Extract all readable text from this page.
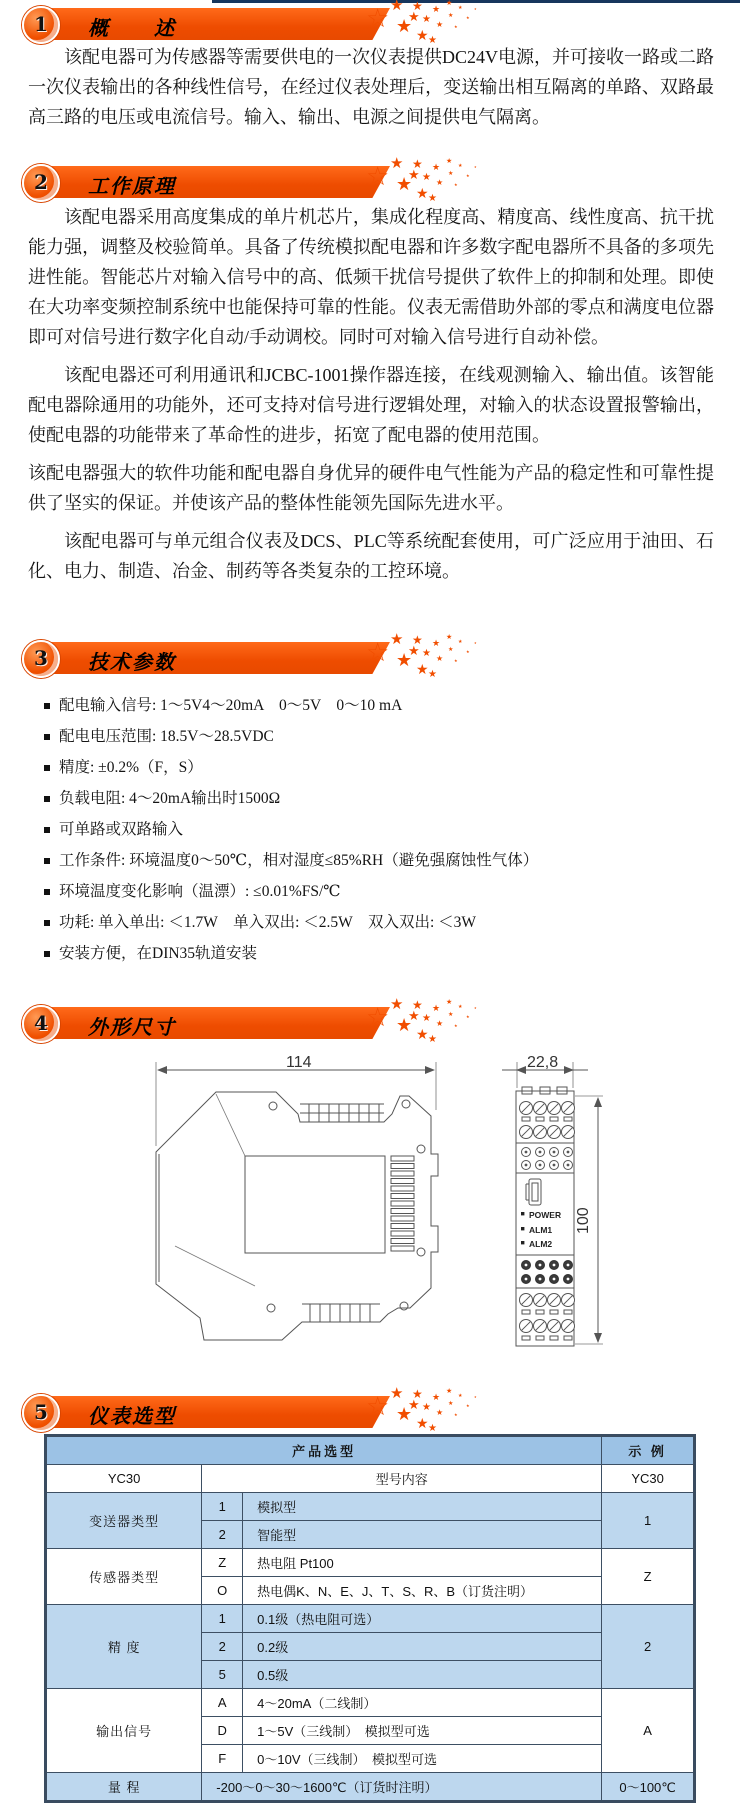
1	概　　述	☆ ★
★
★
★ ★
★
★
★
★
★
★
★
★
★
★

该配电器可为传感器等需要供电的一次仪表提供DC24V电源，并可接收一路或二路一次仪表输出的各种线性信号，在经过仪表处理后，变送输出相互隔离的单路、双路最高三路的电压或电流信号。输入、输出、电源之间提供电气隔离。

2	工作原理	☆ ★
★
★
★ ★
★
★
★
★
★
★
★
★
★
★

该配电器采用高度集成的单片机芯片，集成化程度高、精度高、线性度高、抗干扰能力强，调整及校验简单。具备了传统模拟配电器和许多数字配电器所不具备的多项先进性能。智能芯片对输入信号中的高、低频干扰信号提供了软件上的抑制和处理。即使在大功率变频控制系统中也能保持可靠的性能。仪表无需借助外部的零点和满度电位器即可对信号进行数字化自动/手动调校。同时可对输入信号进行自动补偿。

该配电器还可利用通讯和JCBC-1001操作器连接，在线观测输入、输出值。该智能配电器除通用的功能外，还可支持对信号进行逻辑处理，对输入的状态设置报警输出，使配电器的功能带来了革命性的进步，拓宽了配电器的使用范围。

该配电器强大的软件功能和配电器自身优异的硬件电气性能为产品的稳定性和可靠性提供了坚实的保证。并使该产品的整体性能领先国际先进水平。

该配电器可与单元组合仪表及DCS、PLC等系统配套使用，可广泛应用于油田、石化、电力、制造、冶金、制药等各类复杂的工控环境。

3	技术参数	☆ ★
★
★
★ ★
★
★
★
★
★
★
★
★
★
★
配电输入信号: 1～5V4～20mA　0～5V　0～10 mA
配电电压范围: 18.5V～28.5VDC
精度: ±0.2%（F，S）
负载电阻: 4～20mA输出时1500Ω
可单路或双路输入
工作条件: 环境温度0～50℃，相对湿度≤85%RH（避免强腐蚀性气体）
环境温度变化影响（温漂）: ≤0.01%FS/℃
功耗: 单入单出: ＜1.7W　单入双出: ＜2.5W　双入双出: ＜3W
安装方便，在DIN35轨道安装
4	外形尺寸	☆ ★
★
★
★ ★
★
★
★
★
★
★
★
★
★
★
114	22,8
100
POWER
ALM1
ALM2
5	仪表选型	☆ ★
★
★
★ ★
★
★
★
★
★
★
★
★
★
★
产品选型			示 例
YC30	型号内容		YC30
变送器类型	1	模拟型	1
	2	智能型	
传感器类型	Z	热电阻 Pt100	Z
	O	热电偶K、N、E、J、T、S、R、B（订货注明）	
精 度	1	0.1级（热电阻可选）	2
	2	0.2级	
	5	0.5级	
输出信号	A	4～20mA（二线制）	A
	D	1～5V（三线制）　模拟型可选	
	F	0～10V（三线制）　模拟型可选	
量 程	-200～0～30～1600℃（订货时注明）		0～100℃
